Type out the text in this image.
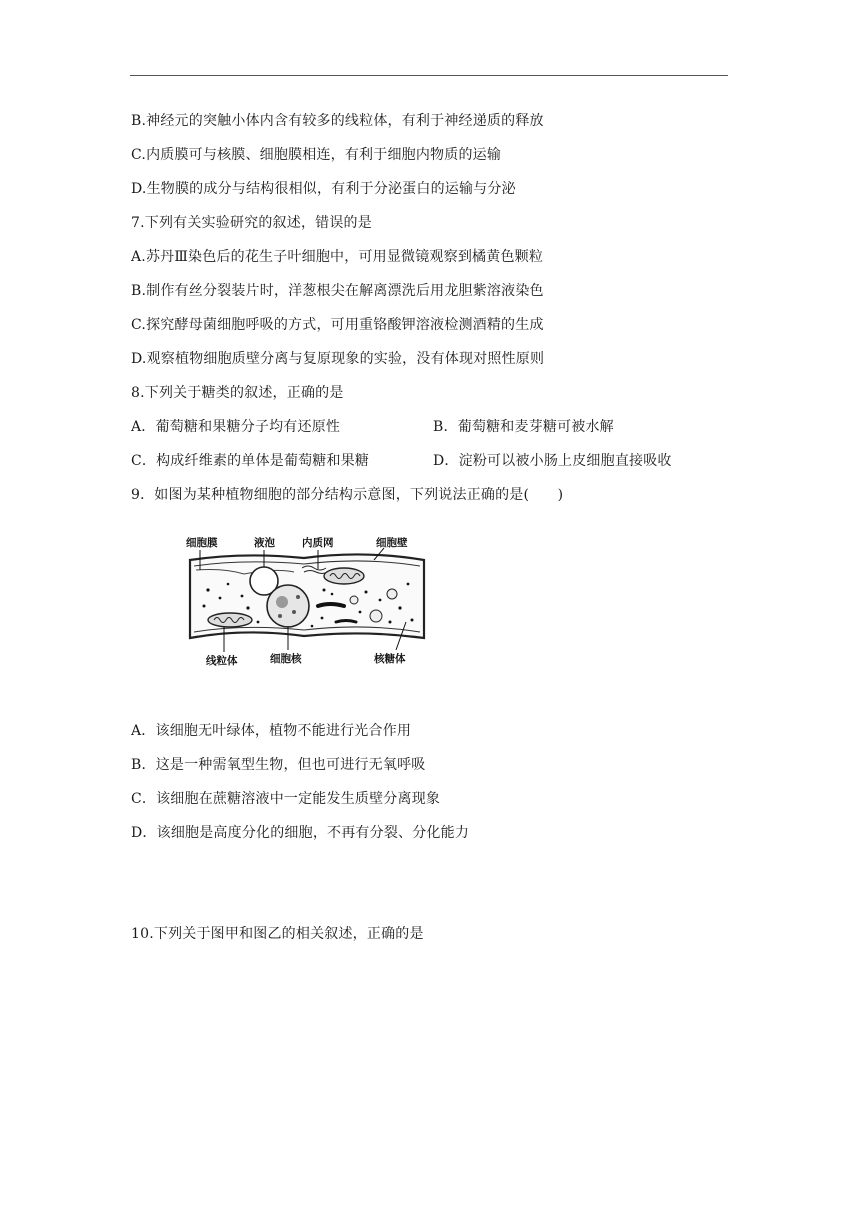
B.神经元的突触小体内含有较多的线粒体，有利于神经递质的释放
C.内质膜可与核膜、细胞膜相连，有利于细胞内物质的运输
D.生物膜的成分与结构很相似，有利于分泌蛋白的运输与分泌
7.下列有关实验研究的叙述，错误的是
A.苏丹Ⅲ染色后的花生子叶细胞中，可用显微镜观察到橘黄色颗粒
B.制作有丝分裂装片时，洋葱根尖在解离漂洗后用龙胆紫溶液染色
C.探究酵母菌细胞呼吸的方式，可用重铬酸钾溶液检测酒精的生成
D.观察植物细胞质壁分离与复原现象的实验，没有体现对照性原则
8.下列关于糖类的叙述，正确的是
A．葡萄糖和果糖分子均有还原性	B．葡萄糖和麦芽糖可被水解
C．构成纤维素的单体是葡萄糖和果糖	D．淀粉可以被小肠上皮细胞直接吸收
9．如图为某种植物细胞的部分结构示意图，下列说法正确的是(　　)
细胞膜	液泡	内质网	细胞壁
线粒体	细胞核	核糖体
A．该细胞无叶绿体，植物不能进行光合作用
B．这是一种需氧型生物，但也可进行无氧呼吸
C．该细胞在蔗糖溶液中一定能发生质壁分离现象
D．该细胞是高度分化的细胞，不再有分裂、分化能力
10.下列关于图甲和图乙的相关叙述，正确的是
